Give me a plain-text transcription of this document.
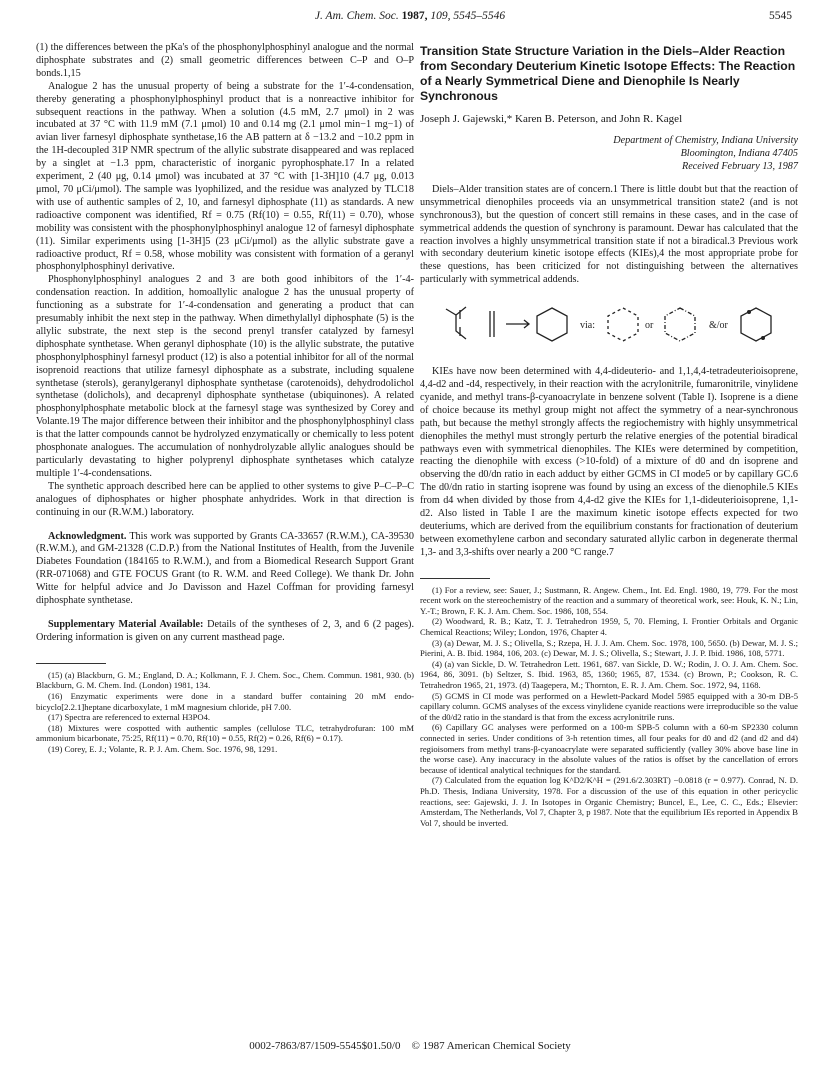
J. Am. Chem. Soc. 1987, 109, 5545–5546	5545

(1) the differences between the pKa's of the phosphonylphosphinyl analogue and the normal diphosphate substrates and (2) small geometric differences between C–P and O–P bonds.1,15

Analogue 2 has the unusual property of being a substrate for the 1′-4-condensation, thereby generating a phosphonylphosphinyl product that is a nonreactive inhibitor for subsequent reactions in the pathway. When a solution (4.5 mM, 2.7 μmol) in 2 was incubated at 37 °C with 11.9 mM (7.1 μmol) 10 and 0.14 mg (2.1 μmol min−1 mg−1) of avian liver farnesyl diphosphate synthetase,16 the AB pattern at δ −13.2 and −10.2 ppm in the 1H-decoupled 31P NMR spectrum of the allylic substrate disappeared and was replaced by a singlet at −1.3 ppm, characteristic of inorganic pyrophosphate.17 In a related experiment, 2 (40 μg, 0.14 μmol) was incubated at 37 °C with [1-3H]10 (4.7 μg, 0.013 μmol, 70 μCi/μmol). The sample was lyophilized, and the residue was analyzed by TLC18 with use of authentic samples of 2, 10, and farnesyl diphosphate (11) as standards. A new radioactive component was identified, Rf = 0.75 (Rf(10) = 0.55, Rf(11) = 0.70), whose mobility was consistent with the phosphonylphosphinyl analogue 12 of farnesyl diphosphate (11). Similar experiments using [1-3H]5 (23 μCi/μmol) as the allylic substrate gave a radioactive product, Rf = 0.58, whose mobility was consistent with formation of a geranyl phosphonylphosphinyl derivative.

Phosphonylphosphinyl analogues 2 and 3 are both good inhibitors of the 1′-4-condensation reaction. In addition, homoallylic analogue 2 has the unusual property of functioning as a substrate for 1′-4-condensation and generating a product that can presumably inhibit the next step in the pathway. When dimethylallyl diphosphate (5) is the allylic substrate, the next step is the second prenyl transfer catalyzed by farnesyl diphosphate synthetase. When geranyl diphosphate (10) is the allylic substrate, the putative phosphonylphosphinyl farnesyl product (12) is also a potential inhibitor for all of the normal isoprenoid reactions that utilize farnesyl diphosphate as a substrate, including squalene synthetase (sterols), geranylgeranyl diphosphate synthetase (carotenoids), dehydrodolichol synthetase (dolichols), and decaprenyl diphosphate synthetase (ubiquinones). A related phosphonylphosphate metabolic block at the farnesyl stage was synthesized by Corey and Volante.19 The major difference between their inhibitor and the phosphonylphosphinyl class is that the latter compounds cannot be hydrolyzed enzymatically or chemically to less potent phosphonate analogues. The accumulation of nonhydrolyzable allylic analogues should be particularly devastating to higher polyprenyl diphosphate synthetases which catalyze multiple 1′-4-condensations.

The synthetic approach described here can be applied to other systems to give P–C–P–C analogues of diphosphates or higher phosphate anhydrides. Work in that direction is continuing in our (R.W.M.) laboratory.

Acknowledgment. This work was supported by Grants CA-33657 (R.W.M.), CA-39530 (R.W.M.), and GM-21328 (C.D.P.) from the National Institutes of Health, from the Juvenile Diabetes Foundation (184165 to R.W.M.), and from a Biomedical Research Support Grant (RR-071068) and GTE FOCUS Grant (to R. W.M. and Reed College). We thank Dr. John Witte for helpful advice and Jo Davisson and Hazel Coffman for providing farnesyl diphosphate synthetase.

Supplementary Material Available: Details of the syntheses of 2, 3, and 6 (2 pages). Ordering information is given on any current masthead page.

(15) (a) Blackburn, G. M.; England, D. A.; Kolkmann, F. J. Chem. Soc., Chem. Commun. 1981, 930. (b) Blackburn, G. M. Chem. Ind. (London) 1981, 134.

(16) Enzymatic experiments were done in a standard buffer containing 20 mM endo-bicyclo[2.2.1]heptane dicarboxylate, 1 mM magnesium chloride, pH 7.00.

(17) Spectra are referenced to external H3PO4.

(18) Mixtures were cospotted with authentic samples (cellulose TLC, tetrahydrofuran: 100 mM ammonium bicarbonate, 75:25, Rf(11) = 0.70, Rf(10) = 0.55, Rf(2) = 0.26, Rf(6) = 0.17).

(19) Corey, E. J.; Volante, R. P. J. Am. Chem. Soc. 1976, 98, 1291.

Transition State Structure Variation in the Diels–Alder Reaction from Secondary Deuterium Kinetic Isotope Effects: The Reaction of a Nearly Symmetrical Diene and Dienophile Is Nearly Synchronous
Joseph J. Gajewski,* Karen B. Peterson, and John R. Kagel
Department of Chemistry, Indiana University
Bloomington, Indiana 47405
Received February 13, 1987

Diels–Alder transition states are of concern.1 There is little doubt but that the reaction of unsymmetrical dienophiles proceeds via an unsymmetrical transition state2 (and is not synchronous3), but the question of concert still remains in these cases, and in the case of symmetrical addends the question of synchrony is paramount. Dewar has calculated that the reaction involves a highly unsymmetrical transition state if not a biradical.3 Previous work with secondary deuterium kinetic isotope effects (KIEs),4 the most appropriate probe for these questions, has been criticized for not distinguishing between the alternatives particularly with symmetrical addends.

via:	or	&/or

KIEs have now been determined with 4,4-dideuterio- and 1,1,4,4-tetradeuterioisoprene, 4,4-d2 and -d4, respectively, in their reaction with the acrylonitrile, fumaronitrile, vinylidene cyanide, and methyl trans-β-cyanoacrylate in benzene solvent (Table I). Isoprene is a diene of choice because its methyl group might not affect the symmetry of a near-synchronous path, but because the methyl strongly affects the regiochemistry with highly unsymmetrical dienophiles the methyl must strongly perturb the relative energies of the potential biradical pathways even with symmetrical dienophiles. The KIEs were determined by competition, reacting the dienophile with excess (>10-fold) of a mixture of d0 and dn isoprene and observing the d0/dn ratio in each adduct by either GCMS in CI mode5 or by capillary GC.6 The d0/dn ratio in starting isoprene was found by using an excess of the dienophile.5 KIEs from d4 when divided by those from 4,4-d2 give the KIEs for 1,1-dideuterioisoprene, 1,1-d2. Also listed in Table I are the maximum kinetic isotope effects expected for two deuteriums, which are derived from the equilibrium constants for fractionation of deuterium between exomethylene carbon and secondary saturated allylic carbon in degenerate thermal 1,3- and 3,3-shifts over nearly a 200 °C range.7

(1) For a review, see: Sauer, J.; Sustmann, R. Angew. Chem., Int. Ed. Engl. 1980, 19, 779. For the most recent work on the stereochemistry of the reaction and a summary of theoretical work, see: Houk, K. N.; Lin, Y.-T.; Brown, F. K. J. Am. Chem. Soc. 1986, 108, 554.

(2) Woodward, R. B.; Katz, T. J. Tetrahedron 1959, 5, 70. Fleming, I. Frontier Orbitals and Organic Chemical Reactions; Wiley; London, 1976, Chapter 4.

(3) (a) Dewar, M. J. S.; Olivella, S.; Rzepa, H. J. J. Am. Chem. Soc. 1978, 100, 5650. (b) Dewar, M. J. S.; Pierini, A. B. Ibid. 1984, 106, 203. (c) Dewar, M. J. S.; Olivella, S.; Stewart, J. J. P. Ibid. 1986, 108, 5771.

(4) (a) van Sickle, D. W. Tetrahedron Lett. 1961, 687. van Sickle, D. W.; Rodin, J. O. J. Am. Chem. Soc. 1964, 86, 3091. (b) Seltzer, S. Ibid. 1963, 85, 1360; 1965, 87, 1534. (c) Brown, P.; Cookson, R. C. Tetrahedron 1965, 21, 1973. (d) Taagepera, M.; Thornton, E. R. J. Am. Chem. Soc. 1972, 94, 1168.

(5) GCMS in CI mode was performed on a Hewlett-Packard Model 5985 equipped with a 30-m DB-5 capillary column. GCMS analyses of the excess vinylidene cyanide reactions were irreproducible so the value of the d0/d2 ratio in the standard is that from the excess acrylonitrile runs.

(6) Capillary GC analyses were performed on a 100-m SPB-5 column with a 60-m SP2330 column connected in series. Under conditions of 3-h retention times, all four peaks for d0 and d2 (and d2 and d4) regioisomers from methyl trans-β-cyanoacrylate were separated sufficiently (valley 30% above base line in the worse case). Any inaccuracy in the absolute values of the ratios is offset by the cancellation of errors because of identical analytical techniques for the standard.

(7) Calculated from the equation log K^D2/K^H = (291.6/2.303RT) −0.0818 (r = 0.977). Conrad, N. D. Ph.D. Thesis, Indiana University, 1978. For a discussion of the use of this equation in other pericyclic reactions, see: Gajewski, J. J. In Isotopes in Organic Chemistry; Buncel, E., Lee, C. C., Eds.; Elsevier: Amsterdam, The Netherlands, Vol 7, Chapter 3, p 1987. Note that the equilibrium IEs reported in Appendix B Vol 7, should be inverted.

0002-7863/87/1509-5545$01.50/0 © 1987 American Chemical Society
